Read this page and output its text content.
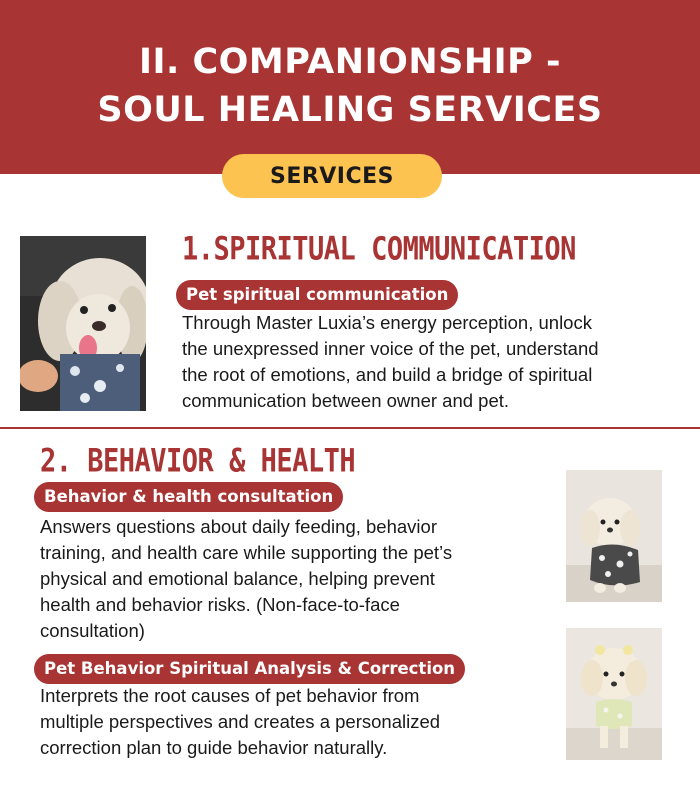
II. COMPANIONSHIP -
SOUL HEALING SERVICES
SERVICES
1.SPIRITUAL COMMUNICATION
Pet spiritual communication

Through Master Luxia’s energy perception, unlock
the unexpressed inner voice of the pet, understand
the root of emotions, and build a bridge of spiritual
communication between owner and pet.

2. BEHAVIOR & HEALTH
Behavior & health consultation

Answers questions about daily feeding, behavior
training, and health care while supporting the pet’s
physical and emotional balance, helping prevent
health and behavior risks. (Non-face-to-face
consultation)

Pet Behavior Spiritual Analysis & Correction

Interprets the root causes of pet behavior from
multiple perspectives and creates a personalized
correction plan to guide behavior naturally.
